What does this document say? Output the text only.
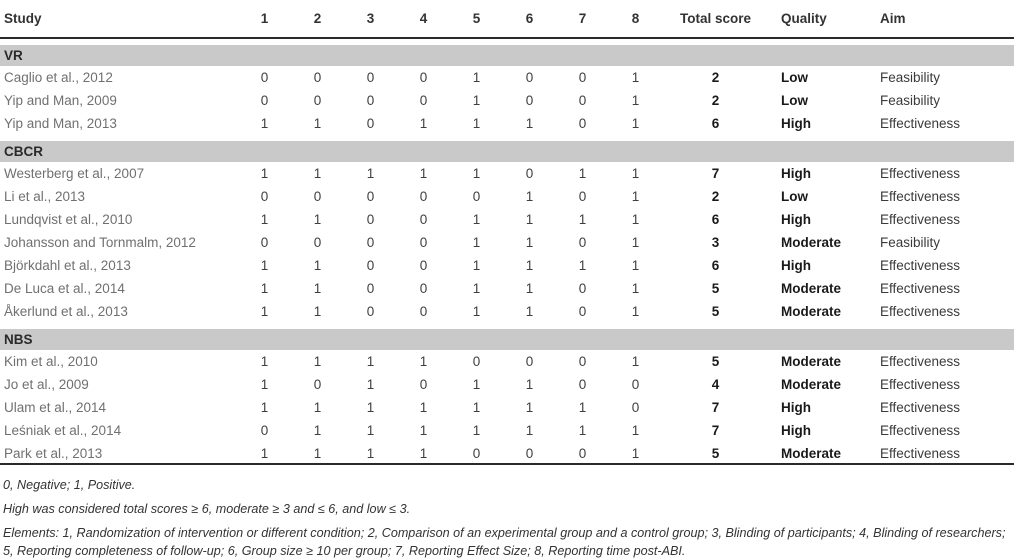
Study	1	2	3	4	5	6	7	8	Total score	Quality	Aim

VR											
Caglio et al., 2012	0	0	0	0	1	0	0	1	2	Low	Feasibility
Yip and Man, 2009	0	0	0	0	1	0	0	1	2	Low	Feasibility
Yip and Man, 2013	1	1	0	1	1	1	0	1	6	High	Effectiveness

CBCR											
Westerberg et al., 2007	1	1	1	1	1	0	1	1	7	High	Effectiveness
Li et al., 2013	0	0	0	0	0	1	0	1	2	Low	Effectiveness
Lundqvist et al., 2010	1	1	0	0	1	1	1	1	6	High	Effectiveness
Johansson and Tornmalm, 2012	0	0	0	0	1	1	0	1	3	Moderate	Feasibility
Björkdahl et al., 2013	1	1	0	0	1	1	1	1	6	High	Effectiveness
De Luca et al., 2014	1	1	0	0	1	1	0	1	5	Moderate	Effectiveness
Åkerlund et al., 2013	1	1	0	0	1	1	0	1	5	Moderate	Effectiveness

NBS											
Kim et al., 2010	1	1	1	1	0	0	0	1	5	Moderate	Effectiveness
Jo et al., 2009	1	0	1	0	1	1	0	0	4	Moderate	Effectiveness
Ulam et al., 2014	1	1	1	1	1	1	1	0	7	High	Effectiveness
Leśniak et al., 2014	0	1	1	1	1	1	1	1	7	High	Effectiveness
Park et al., 2013	1	1	1	1	0	0	0	1	5	Moderate	Effectiveness

0, Negative; 1, Positive.

High was considered total scores ≥ 6, moderate ≥ 3 and ≤ 6, and low ≤ 3.

Elements: 1, Randomization of intervention or different condition; 2, Comparison of an experimental group and a control group; 3, Blinding of participants; 4, Blinding of researchers; 5, Reporting completeness of follow-up; 6, Group size ≥ 10 per group; 7, Reporting Effect Size; 8, Reporting time post-ABI.
